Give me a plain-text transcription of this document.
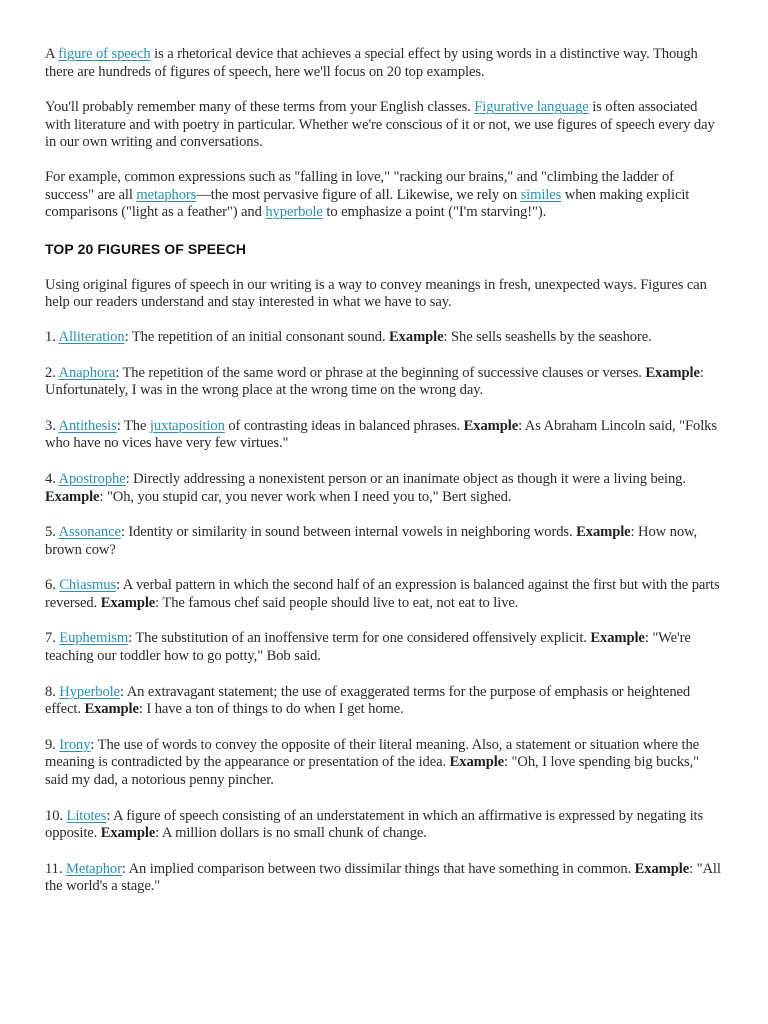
A figure of speech is a rhetorical device that achieves a special effect by using words in a distinctive way. Though there are hundreds of figures of speech, here we'll focus on 20 top examples.

You'll probably remember many of these terms from your English classes. Figurative language is often associated with literature and with poetry in particular. Whether we're conscious of it or not, we use figures of speech every day in our own writing and conversations.

For example, common expressions such as "falling in love," "racking our brains," and "climbing the ladder of success" are all metaphors—the most pervasive figure of all. Likewise, we rely on similes when making explicit comparisons ("light as a feather") and hyperbole to emphasize a point ("I'm starving!").

TOP 20 FIGURES OF SPEECH

Using original figures of speech in our writing is a way to convey meanings in fresh, unexpected ways. Figures can help our readers understand and stay interested in what we have to say.

1. Alliteration: The repetition of an initial consonant sound. Example: She sells seashells by the seashore.

2. Anaphora: The repetition of the same word or phrase at the beginning of successive clauses or verses. Example: Unfortunately, I was in the wrong place at the wrong time on the wrong day.

3. Antithesis: The juxtaposition of contrasting ideas in balanced phrases. Example: As Abraham Lincoln said, "Folks who have no vices have very few virtues."

4. Apostrophe: Directly addressing a nonexistent person or an inanimate object as though it were a living being. Example: "Oh, you stupid car, you never work when I need you to," Bert sighed.

5. Assonance: Identity or similarity in sound between internal vowels in neighboring words. Example: How now, brown cow?

6. Chiasmus: A verbal pattern in which the second half of an expression is balanced against the first but with the parts reversed. Example: The famous chef said people should live to eat, not eat to live.

7. Euphemism: The substitution of an inoffensive term for one considered offensively explicit. Example: "We're teaching our toddler how to go potty," Bob said.

8. Hyperbole: An extravagant statement; the use of exaggerated terms for the purpose of emphasis or heightened effect. Example: I have a ton of things to do when I get home.

9. Irony: The use of words to convey the opposite of their literal meaning. Also, a statement or situation where the meaning is contradicted by the appearance or presentation of the idea. Example: "Oh, I love spending big bucks," said my dad, a notorious penny pincher.

10. Litotes: A figure of speech consisting of an understatement in which an affirmative is expressed by negating its opposite. Example: A million dollars is no small chunk of change.

11. Metaphor: An implied comparison between two dissimilar things that have something in common. Example: "All the world's a stage."
